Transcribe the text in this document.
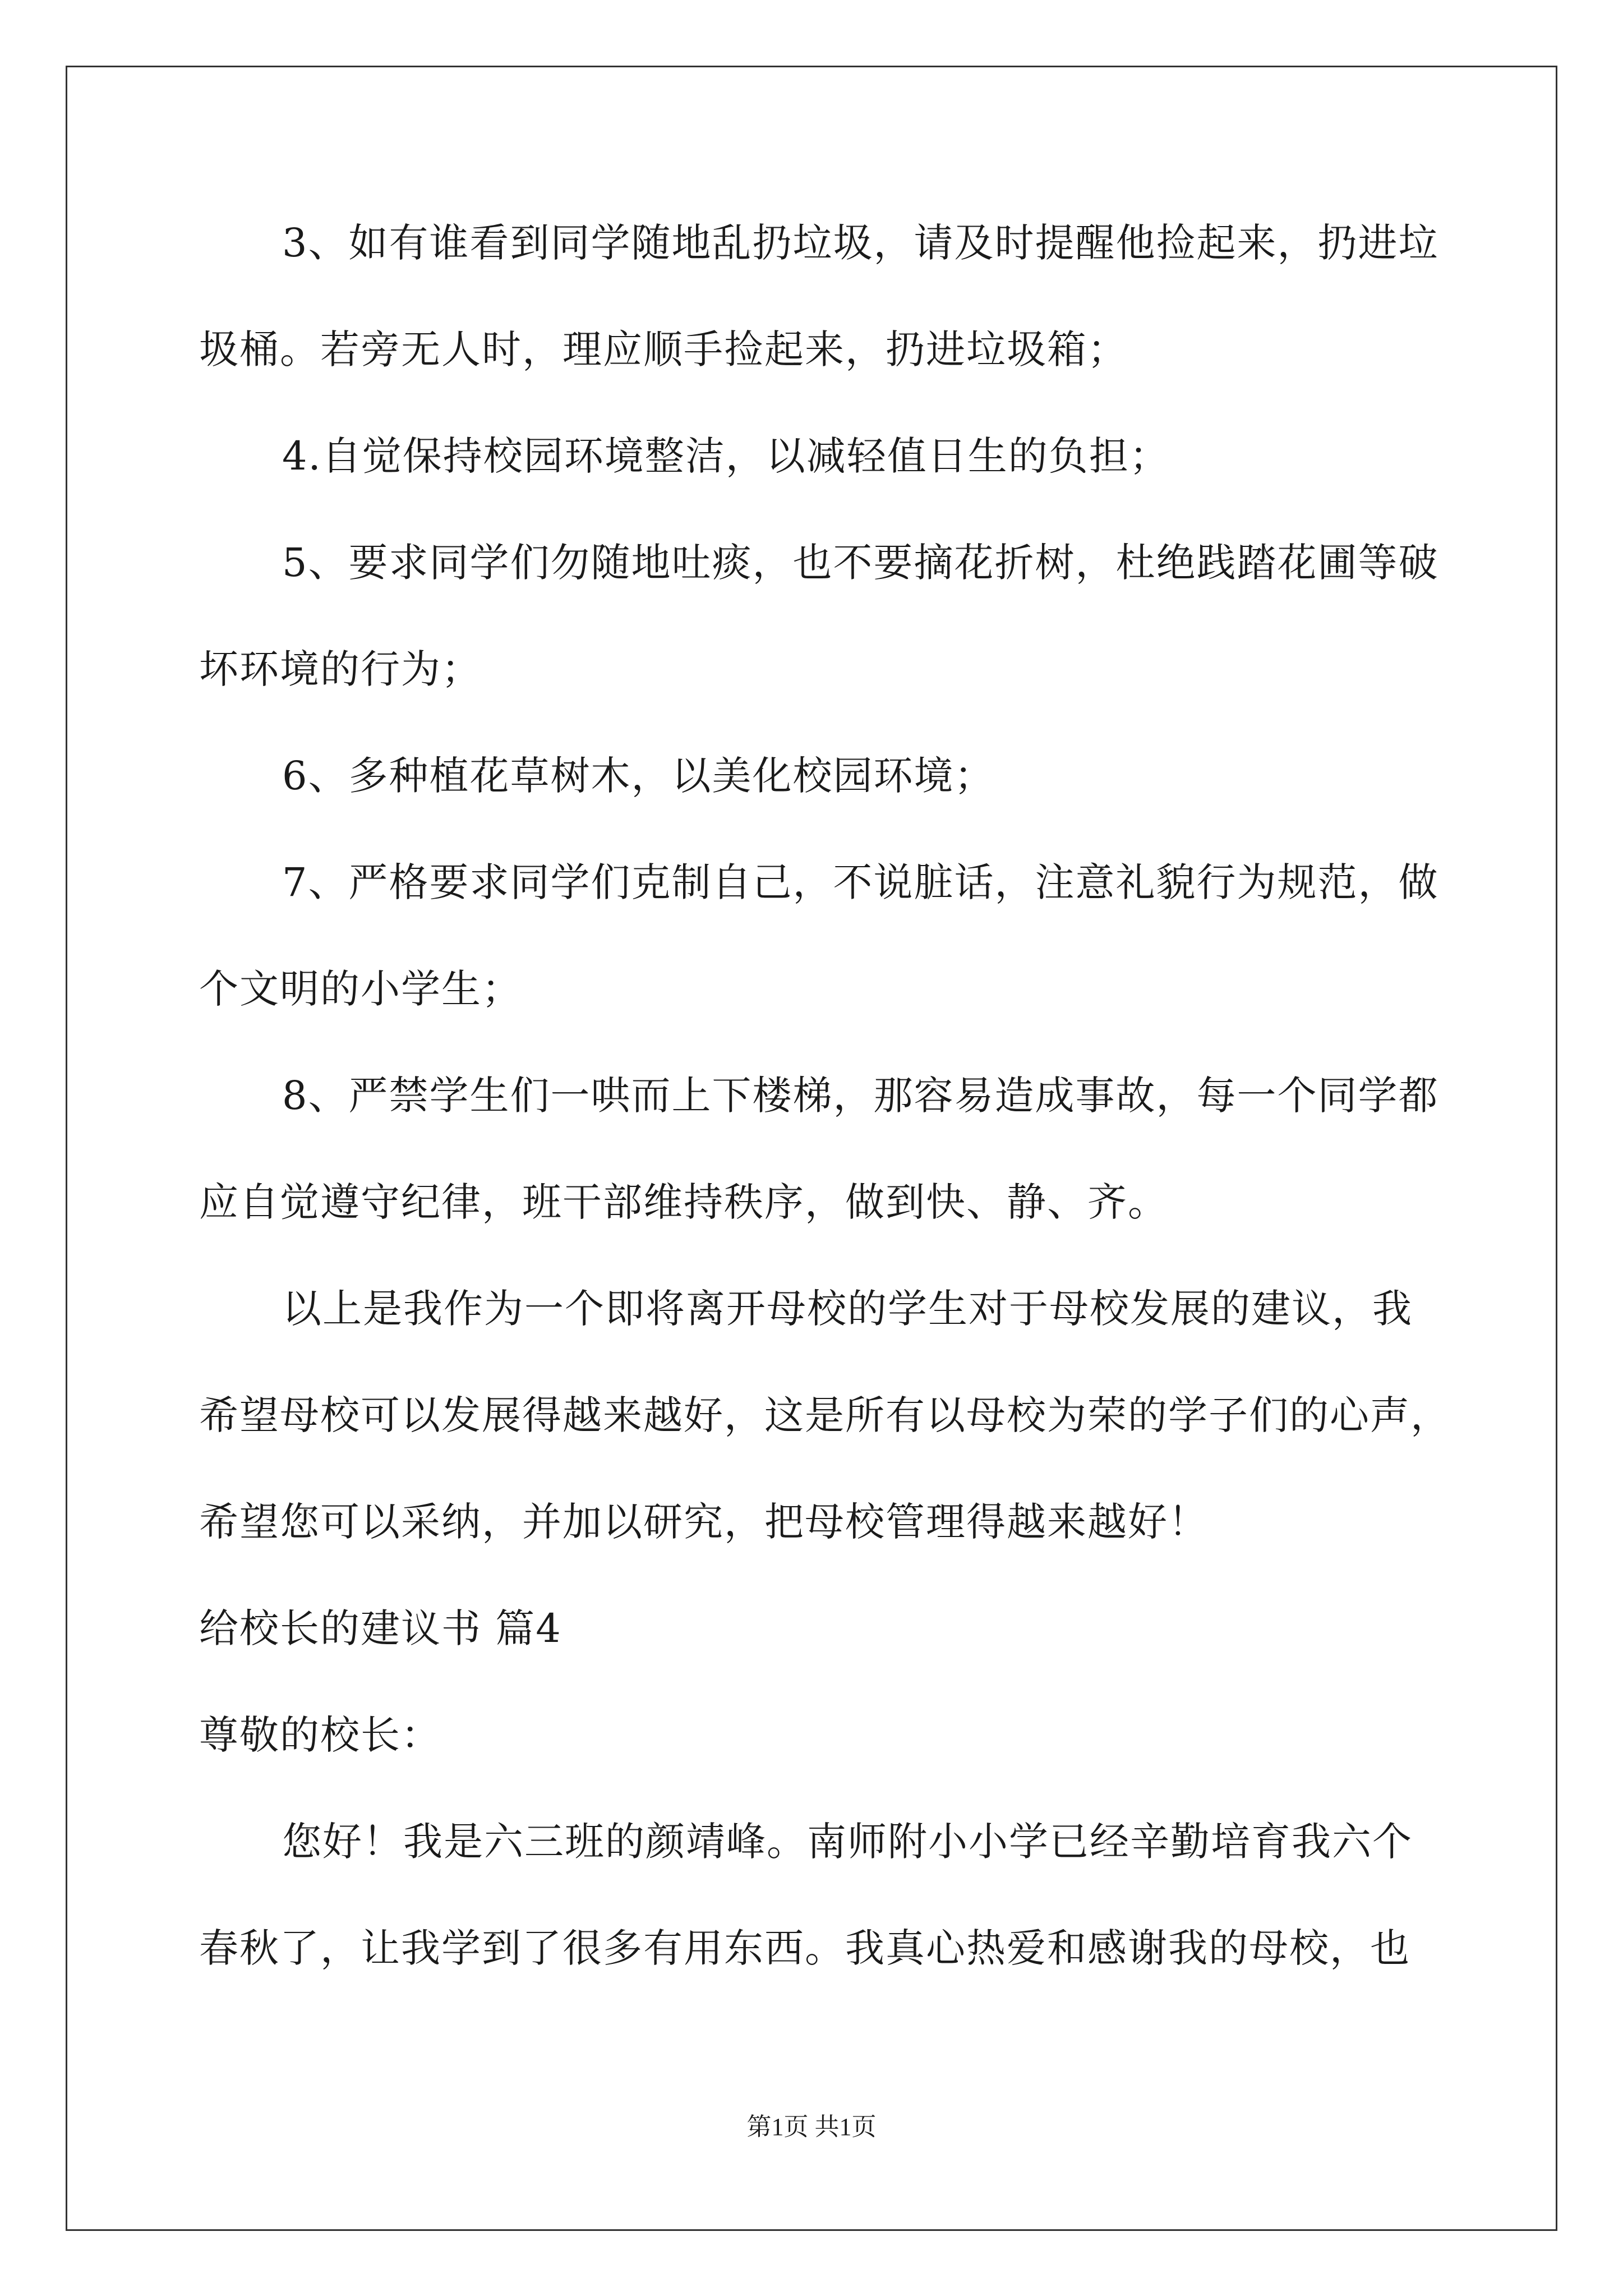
3、如有谁看到同学随地乱扔垃圾，请及时提醒他捡起来，扔进垃
圾桶。若旁无人时，理应顺手捡起来，扔进垃圾箱；
4.自觉保持校园环境整洁，以减轻值日生的负担；
5、要求同学们勿随地吐痰，也不要摘花折树，杜绝践踏花圃等破
坏环境的行为；
6、多种植花草树木，以美化校园环境；
7、严格要求同学们克制自己，不说脏话，注意礼貌行为规范，做
个文明的小学生；
8、严禁学生们一哄而上下楼梯，那容易造成事故，每一个同学都
应自觉遵守纪律，班干部维持秩序，做到快、静、齐。
以上是我作为一个即将离开母校的学生对于母校发展的建议，我
希望母校可以发展得越来越好，这是所有以母校为荣的学子们的心声，
希望您可以采纳，并加以研究，把母校管理得越来越好！
给校长的建议书 篇4
尊敬的校长：
您好！我是六三班的颜靖峰。南师附小小学已经辛勤培育我六个
春秋了，让我学到了很多有用东西。我真心热爱和感谢我的母校，也
第1页 共1页
